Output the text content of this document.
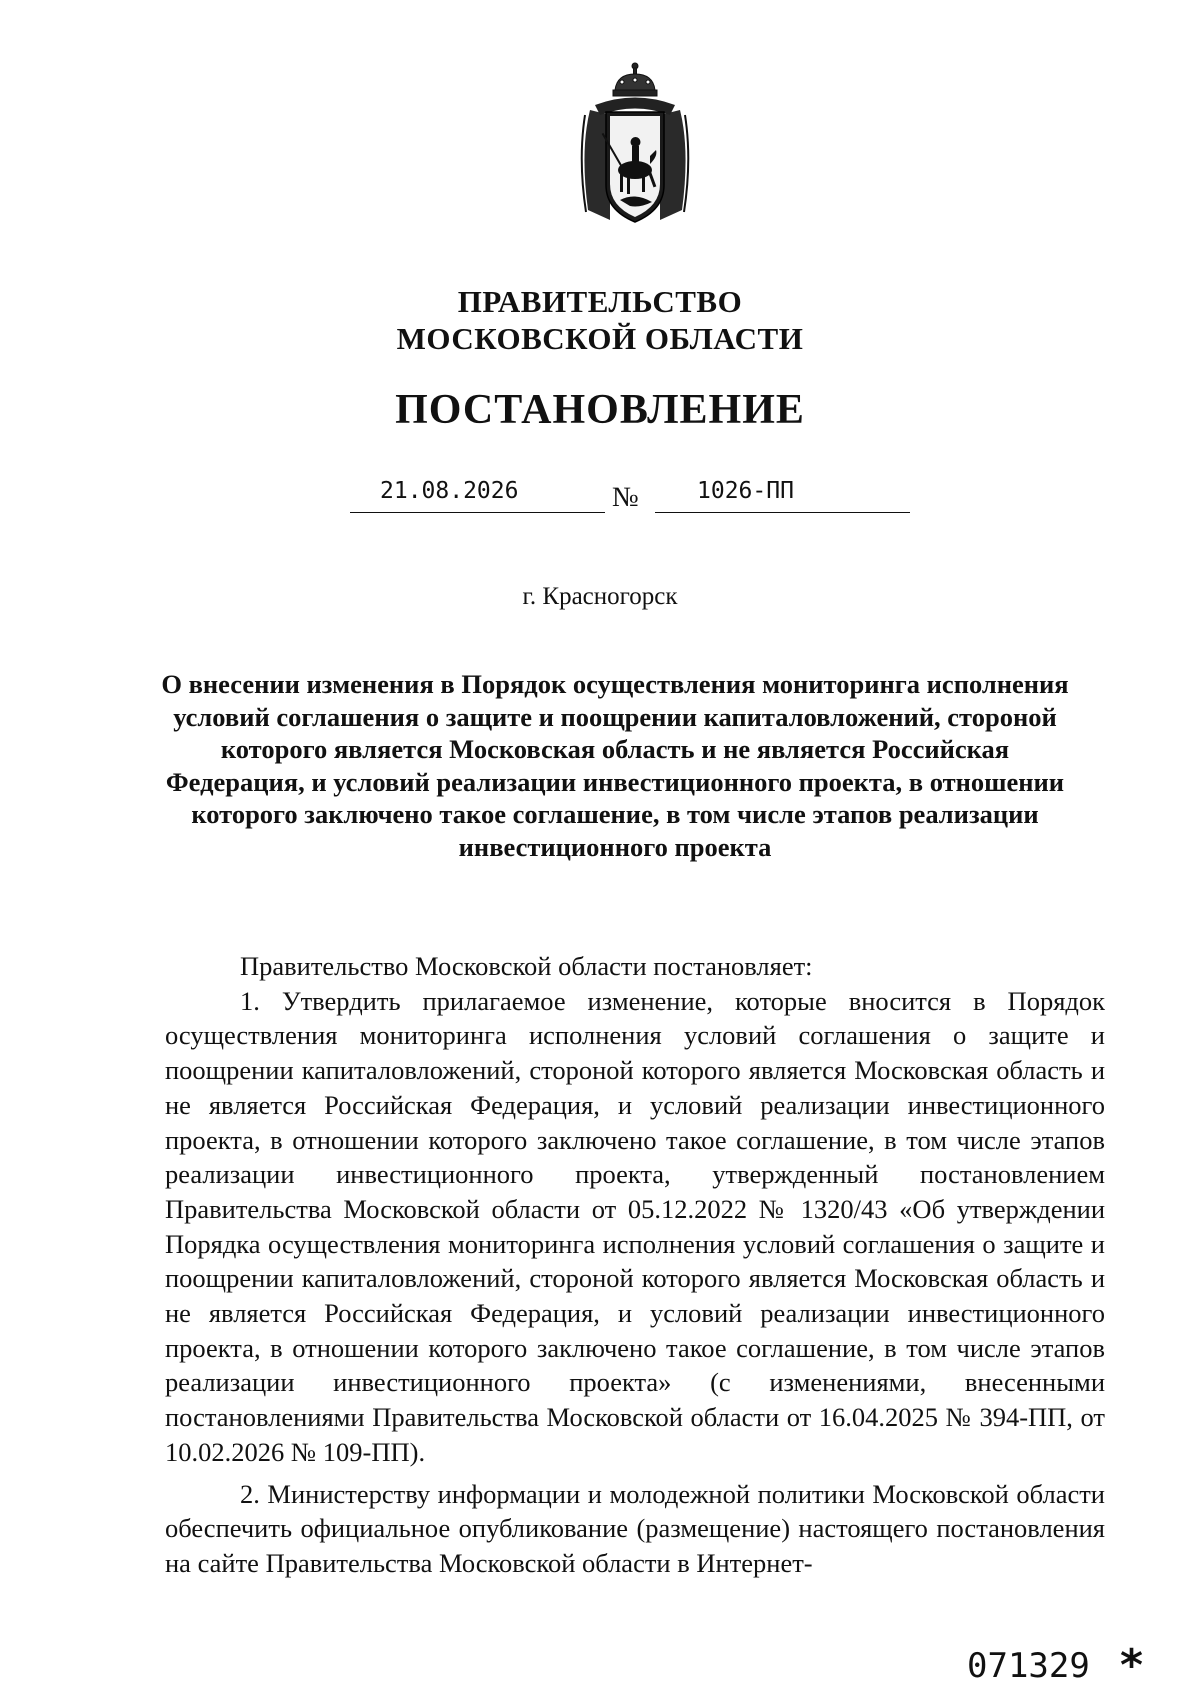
ПРАВИТЕЛЬСТВО
МОСКОВСКОЙ ОБЛАСТИ
ПОСТАНОВЛЕНИЕ
21.08.2026	№	1026-ПП
г. Красногорск
О внесении изменения в Порядок осуществления мониторинга исполнения условий соглашения о защите и поощрении капиталовложений, стороной которого является Московская область и не является Российская Федерация, и условий реализации инвестиционного проекта, в отношении которого заключено такое соглашение, в том числе этапов реализации инвестиционного проекта

Правительство Московской области постановляет:

1. Утвердить прилагаемое изменение, которые вносится в Порядок осуществления мониторинга исполнения условий соглашения о защите и поощрении капиталовложений, стороной которого является Московская область и не является Российская Федерация, и условий реализации инвестиционного проекта, в отношении которого заключено такое соглашение, в том числе этапов реализации инвестиционного проекта, утвержденный постановлением Правительства Московской области от 05.12.2022 № 1320/43 «Об утверждении Порядка осуществления мониторинга исполнения условий соглашения о защите и поощрении капиталовложений, стороной которого является Московская область и не является Российская Федерация, и условий реализации инвестиционного проекта, в отношении которого заключено такое соглашение, в том числе этапов реализации инвестиционного проекта» (с изменениями, внесенными постановлениями Правительства Московской области от 16.04.2025 № 394-ПП, от 10.02.2026 № 109-ПП).

2. Министерству информации и молодежной политики Московской области обеспечить официальное опубликование (размещение) настоящего постановления на сайте Правительства Московской области в Интернет-

071329 *
